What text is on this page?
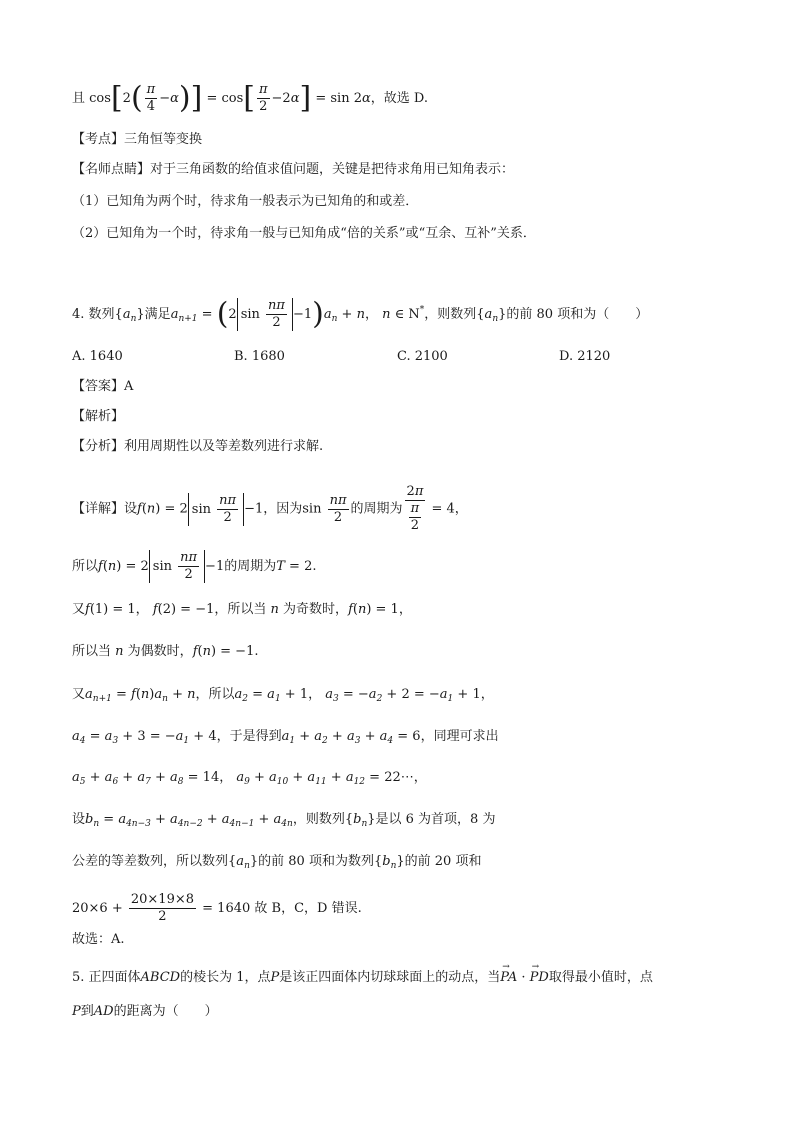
且 $\cos[2( \frac{\pi}{4} -\alpha)] = \cos[ \frac{\pi}{2} -2\alpha] = \sin 2\alpha$，故选 D.
【考点】三角恒等变换
【名师点睛】对于三角函数的给值求值问题，关键是把待求角用已知角表示：
（1）已知角为两个时，待求角一般表示为已知角的和或差．
（2）已知角为一个时，待求角一般与已知角成“倍的关系”或“互余、互补”关系．
4. 数列$\{a_n\}$满足$a_{n+1} = (2$ $\sin \frac{n\pi}{2} -1)a_n + n$， n ∈ N*，则数列$\{a_n\}$的前 80 项和为（　　）
A. 1640	B. 1680	C. 2100	D. 2120
【答案】A
【解析】
【分析】利用周期性以及等差数列进行求解.
【详解】设f(n) = 2 $\sin \frac{n\pi}{2} -1$，因为$\sin \frac{n\pi}{2}$ 的周期为 $\frac{2\pi}{\frac{\pi}{2}} = 4$，
所以f(n) = 2 $\sin \frac{n\pi}{2} -1$的周期为T = 2.
又f(1) = 1， f(2) = −1，所以当 n 为奇数时，f(n) = 1，
所以当 n 为偶数时，f(n) = −1.
又$a_{n+1} = f(n)a_n + n$，所以$a_2 = a_1 + 1$， $a_3 = -a_2 + 2 = -a_1 + 1$，
$a_4 = a_3 + 3 = -a_1 + 4$，于是得到$a_1 + a_2 + a_3 + a_4 = 6$，同理可求出
$a_5 + a_6 + a_7 + a_8 = 14$， $a_9 + a_{10} + a_{11} + a_{12}$ = 22⋯，
设$b_n = a_{4n-3} + a_{4n-2} + a_{4n-1} + a_{4n}$，则数列$\{b_n\}$是以 6 为首项，8 为
公差的等差数列，所以数列$\{a_n\}$的前 80 项和为数列$\{b_n\}$的前 20 项和
$20\times 6 + \frac{20\times 19\times 8}{2} = 1640$ 故 B，C，D 错误.
故选：A.
5. 正四面体ABCD的棱长为 1，点P是该正四面体内切球球面上的动点，当→ PA · → PD取得最小值时，点
P到AD的距离为（　　）
